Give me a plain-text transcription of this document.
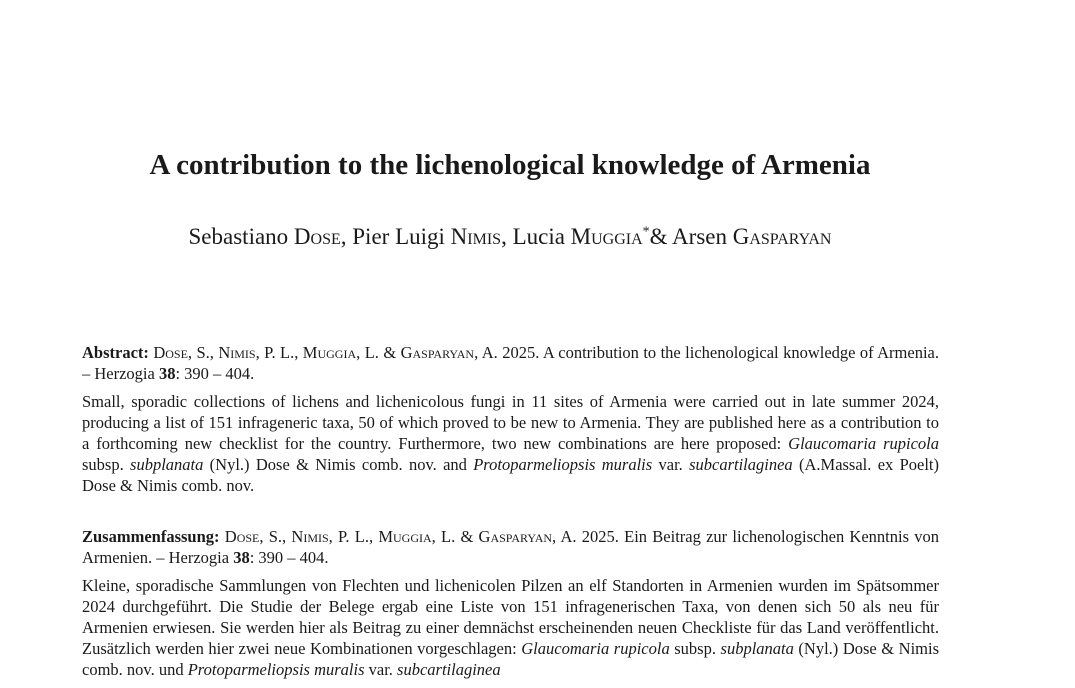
A contribution to the lichenological knowledge of Armenia
Sebastiano Dose, Pier Luigi Nimis, Lucia Muggia*& Arsen Gasparyan

Abstract: Dose, S., Nimis, P. L., Muggia, L. & Gasparyan, A. 2025. A contribution to the lichenological knowledge of Armenia. – Herzogia 38: 390 – 404.

Small, sporadic collections of lichens and lichenicolous fungi in 11 sites of Armenia were carried out in late summer 2024, producing a list of 151 infrageneric taxa, 50 of which proved to be new to Armenia. They are published here as a contribution to a forthcoming new checklist for the country. Furthermore, two new combinations are here proposed: Glaucomaria rupicola subsp. subplanata (Nyl.) Dose & Nimis comb. nov. and Protoparmeliopsis muralis var. subcartilaginea (A.Massal. ex Poelt) Dose & Nimis comb. nov.

Zusammenfassung: Dose, S., Nimis, P. L., Muggia, L. & Gasparyan, A. 2025. Ein Beitrag zur lichenologischen Kenntnis von Armenien. – Herzogia 38: 390 – 404.

Kleine, sporadische Sammlungen von Flechten und lichenicolen Pilzen an elf Standorten in Armenien wurden im Spätsommer 2024 durchgeführt. Die Studie der Belege ergab eine Liste von 151 infragenerischen Taxa, von denen sich 50 als neu für Armenien erwiesen. Sie werden hier als Beitrag zu einer demnächst erscheinenden neuen Checkliste für das Land veröffentlicht. Zusätzlich werden hier zwei neue Kombinationen vorgeschlagen: Glaucomaria rupicola subsp. subplanata (Nyl.) Dose & Nimis comb. nov. und Protoparmeliopsis muralis var. subcartilaginea
